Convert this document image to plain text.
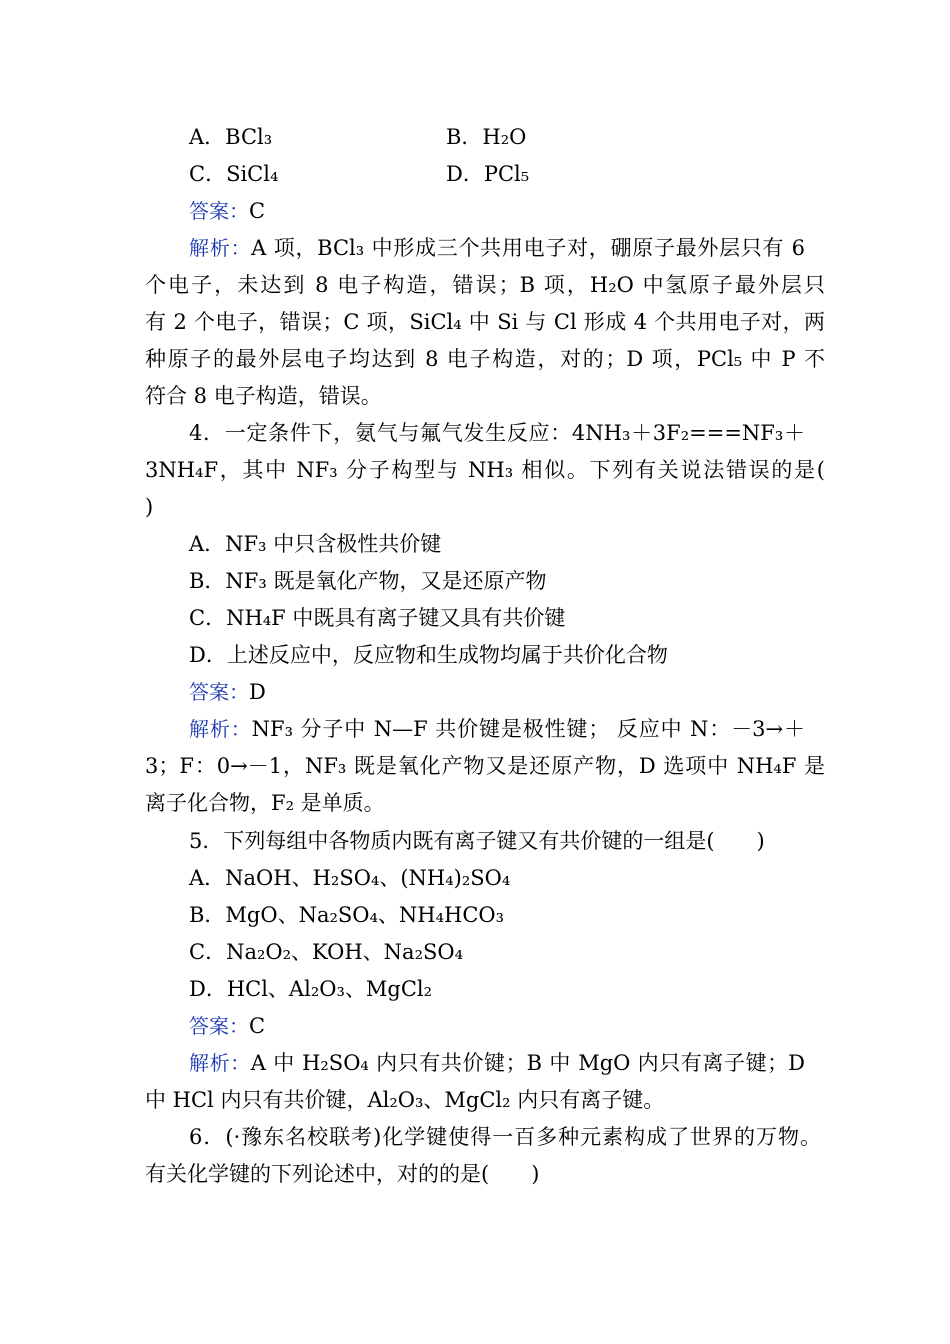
A．BCl₃	B．H₂O
C．SiCl₄	D．PCl₅
答案：C
解析：A 项，BCl₃ 中形成三个共用电子对，硼原子最外层只有 6
个电子，未达到 8 电子构造，错误；B 项，H₂O 中氢原子最外层只
有 2 个电子，错误；C 项，SiCl₄ 中 Si 与 Cl 形成 4 个共用电子对，两
种原子的最外层电子均达到 8 电子构造，对的；D 项，PCl₅ 中 P 不
符合 8 电子构造，错误。
4．一定条件下，氨气与氟气发生反应：4NH₃＋3F₂===NF₃＋
3NH₄F，其中 NF₃ 分子构型与 NH₃ 相似。下列有关说法错误的是(
)
A．NF₃ 中只含极性共价键
B．NF₃ 既是氧化产物，又是还原产物
C．NH₄F 中既具有离子键又具有共价键
D．上述反应中，反应物和生成物均属于共价化合物
答案：D
解析：NF₃ 分子中 N—F 共价键是极性键； 反应中 N：－3→＋
3；F：0→－1，NF₃ 既是氧化产物又是还原产物，D 选项中 NH₄F 是
离子化合物，F₂ 是单质。
5．下列每组中各物质内既有离子键又有共价键的一组是(　　)
A．NaOH、H₂SO₄、(NH₄)₂SO₄
B．MgO、Na₂SO₄、NH₄HCO₃
C．Na₂O₂、KOH、Na₂SO₄
D．HCl、Al₂O₃、MgCl₂
答案：C
解析：A 中 H₂SO₄ 内只有共价键；B 中 MgO 内只有离子键；D
中 HCl 内只有共价键，Al₂O₃、MgCl₂ 内只有离子键。
6．(·豫东名校联考)化学键使得一百多种元素构成了世界的万物。
有关化学键的下列论述中，对的的是(　　)
